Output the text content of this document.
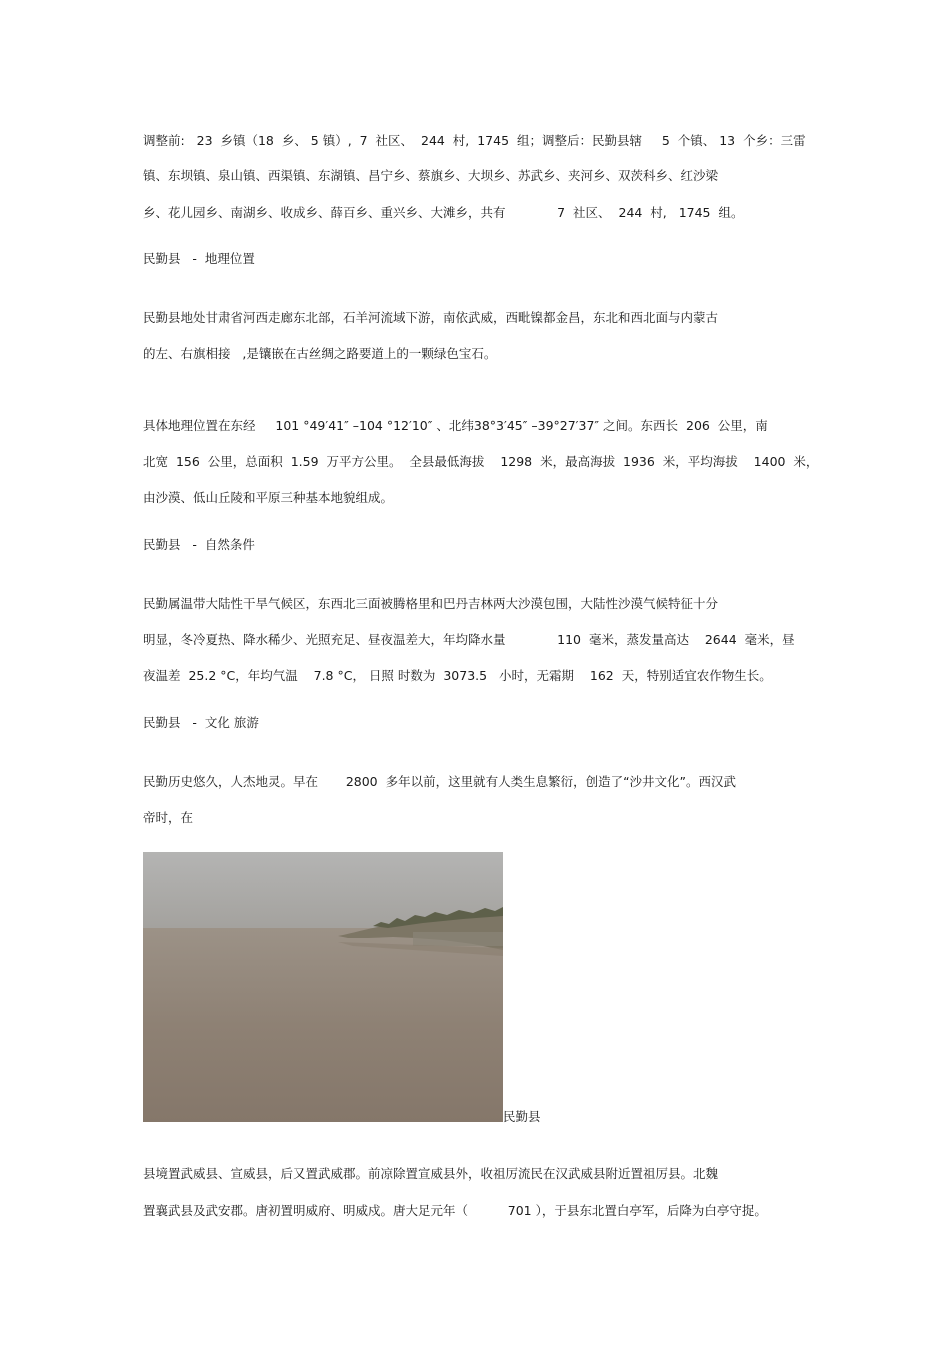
调整前:   23  乡镇（18  乡、 5 镇）,  7  社区、  244  村,  1745  组；调整后：民勤县辖     5  个镇、 13  个乡：三雷
镇、东坝镇、泉山镇、西渠镇、东湖镇、昌宁乡、蔡旗乡、大坝乡、苏武乡、夹河乡、双茨科乡、红沙梁
乡、花儿园乡、南湖乡、收成乡、薛百乡、重兴乡、大滩乡，共有             7  社区、  244  村,   1745  组。
民勤县   -  地理位置
民勤县地处甘肃省河西走廊东北部，石羊河流域下游，南依武威，西毗镍都金昌，东北和西北面与内蒙古
的左、右旗相接   ,是镶嵌在古丝绸之路要道上的一颗绿色宝石。
具体地理位置在东经     101 °49′41″ –104 °12′10″ 、北纬38°3′45″ –39°27′37″ 之间。东西长  206  公里，南
北宽  156  公里，总面积  1.59  万平方公里。  全县最低海拔    1298  米，最高海拔  1936  米，平均海拔    1400  米，
由沙漠、低山丘陵和平原三种基本地貌组成。
民勤县   -  自然条件
民勤属温带大陆性干旱气候区，东西北三面被腾格里和巴丹吉林两大沙漠包围，大陆性沙漠气候特征十分
明显，冬冷夏热、降水稀少、光照充足、昼夜温差大，年均降水量             110  毫米，蒸发量高达    2644  毫米，昼
夜温差  25.2 °C，年均气温    7.8 °C， 日照 时数为  3073.5   小时，无霜期    162  天，特别适宜农作物生长。
民勤县   -  文化 旅游
民勤历史悠久，人杰地灵。早在       2800  多年以前，这里就有人类生息繁衍，创造了“沙井文化”。西汉武
帝时，在
民勤县
县境置武威县、宣威县，后又置武威郡。前凉除置宣威县外，收祖厉流民在汉武威县附近置祖厉县。北魏
置襄武县及武安郡。唐初置明威府、明威戍。唐大足元年（          701 ），于县东北置白亭军，后降为白亭守捉。
